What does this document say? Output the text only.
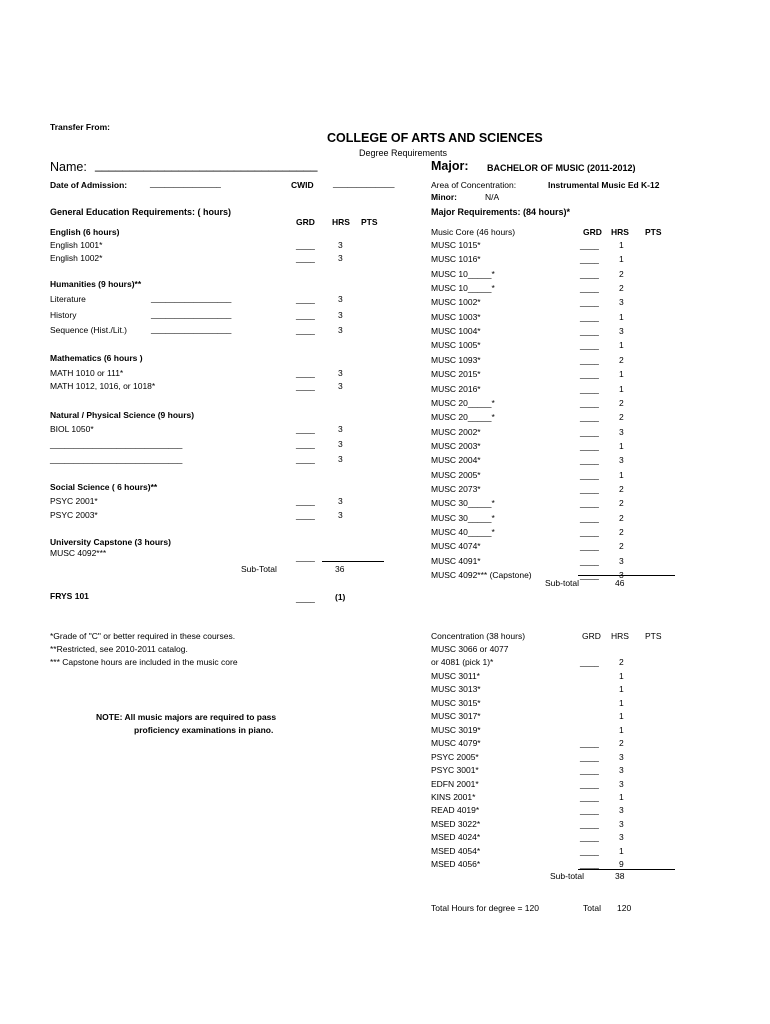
Transfer From:
COLLEGE OF ARTS AND SCIENCES
Degree Requirements
Name: ________________________________	Major: BACHELOR OF MUSIC (2011-2012)
Date of Admission:	_______________	CWID _____________	Area of Concentration:	Instrumental Music Ed K-12
Minor:	N/A
General Education Requirements: ( hours)
GRD HRS PTS
English (6 hours)
English 1001*	____	3
English 1002*	____	3
Humanities (9 hours)**
Literature	_________________	____	3
History	_________________	____	3
Sequence (Hist./Lit.)	_________________	____	3
Mathematics (6 hours )
MATH 1010 or 111*	____	3
MATH 1012, 1016, or 1018*	____	3
Natural / Physical Science (9 hours)
BIOL 1050*	____	3
____________________________	____	3
____________________________	____	3
Social Science ( 6 hours)**
PSYC 2001*	____	3
PSYC 2003*	____	3
University Capstone (3 hours)
MUSC 4092***	____
Sub-Total	36
FRYS 101	____ (1)
*Grade of "C" or better required in these courses.
**Restricted, see 2010-2011 catalog.
*** Capstone hours are included in the music core
NOTE: All music majors are required to pass
proficiency examinations in piano.
Major Requirements: (84 hours)*
Music Core (46 hours)	GRD HRS PTS
MUSC 1015*	____ 1
MUSC 1016*	____ 1
MUSC 10_____*	____ 2
MUSC 10_____*	____ 2
MUSC 1002*	____ 3
MUSC 1003*	____ 1
MUSC 1004*	____ 3
MUSC 1005*	____ 1
MUSC 1093*	____ 2
MUSC 2015*	____ 1
MUSC 2016*	____ 1
MUSC 20_____*	____ 2
MUSC 20_____*	____ 2
MUSC 2002*	____ 3
MUSC 2003*	____ 1
MUSC 2004*	____ 3
MUSC 2005*	____ 1
MUSC 2073*	____ 2
MUSC 30_____*	____ 2
MUSC 30_____*	____ 2
MUSC 40_____*	____ 2
MUSC 4074*	____ 2
MUSC 4091*	____ 3
MUSC 4092*** (Capstone)	____ 3
Sub-total	46
Concentration (38 hours)	GRD HRS PTS
MUSC 3066 or 4077
or 4081 (pick 1)*	____ 2
MUSC 3011*	1
MUSC 3013*	1
MUSC 3015*	1
MUSC 3017*	1
MUSC 3019*	1
MUSC 4079*	____ 2
PSYC 2005*	____ 3
PSYC 3001*	____ 3
EDFN 2001*	____ 3
KINS 2001*	____ 1
READ 4019*	____ 3
MSED 3022*	____ 3
MSED 4024*	____ 3
MSED 4054*	____ 1
MSED 4056*	____ 9
Sub-total	38
Total Hours for degree = 120	Total 120
